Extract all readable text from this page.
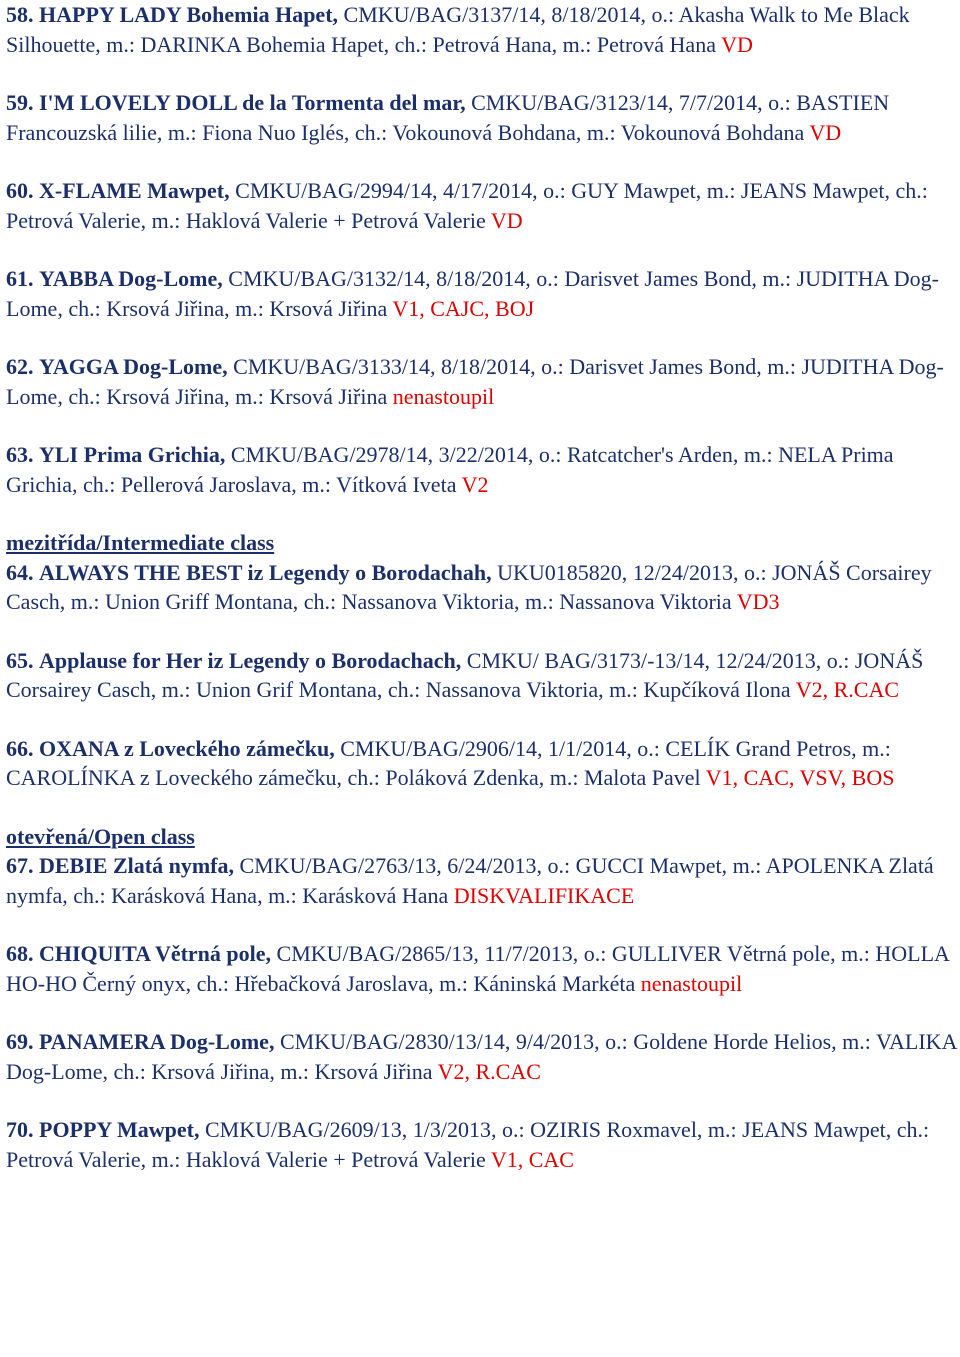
58. HAPPY LADY Bohemia Hapet, CMKU/BAG/3137/14, 8/18/2014, o.: Akasha Walk to Me Black Silhouette, m.: DARINKA Bohemia Hapet, ch.: Petrová Hana, m.: Petrová Hana VD
59. I'M LOVELY DOLL de la Tormenta del mar, CMKU/BAG/3123/14, 7/7/2014, o.: BASTIEN Francouzská lilie, m.: Fiona Nuo Iglés, ch.: Vokounová Bohdana, m.: Vokounová Bohdana VD
60. X-FLAME Mawpet, CMKU/BAG/2994/14, 4/17/2014, o.: GUY Mawpet, m.: JEANS Mawpet, ch.: Petrová Valerie, m.: Haklová Valerie + Petrová Valerie VD
61. YABBA Dog-Lome, CMKU/BAG/3132/14, 8/18/2014, o.: Darisvet James Bond, m.: JUDITHA Dog-Lome, ch.: Krsová Jiřina, m.: Krsová Jiřina V1, CAJC, BOJ
62. YAGGA Dog-Lome, CMKU/BAG/3133/14, 8/18/2014, o.: Darisvet James Bond, m.: JUDITHA Dog-Lome, ch.: Krsová Jiřina, m.: Krsová Jiřina nenastoupil
63. YLI Prima Grichia, CMKU/BAG/2978/14, 3/22/2014, o.: Ratcatcher's Arden, m.: NELA Prima Grichia, ch.: Pellerová Jaroslava, m.: Vítková Iveta V2
mezitřída/Intermediate class
64. ALWAYS THE BEST iz Legendy o Borodachah, UKU0185820, 12/24/2013, o.: JONÁŠ Corsairey Casch, m.: Union Griff Montana, ch.: Nassanova Viktoria, m.: Nassanova Viktoria VD3
65. Applause for Her iz Legendy o Borodachach, CMKU/ BAG/3173/-13/14, 12/24/2013, o.: JONÁŠ Corsairey Casch, m.: Union Grif Montana, ch.: Nassanova Viktoria, m.: Kupčíková Ilona V2, R.CAC
66. OXANA z Loveckého zámečku, CMKU/BAG/2906/14, 1/1/2014, o.: CELÍK Grand Petros, m.: CAROLÍNKA z Loveckého zámečku, ch.: Poláková Zdenka, m.: Malota Pavel V1, CAC, VSV, BOS
otevřená/Open class
67. DEBIE Zlatá nymfa, CMKU/BAG/2763/13, 6/24/2013, o.: GUCCI Mawpet, m.: APOLENKA Zlatá nymfa, ch.: Karásková Hana, m.: Karásková Hana DISKVALIFIKACE
68. CHIQUITA Větrná pole, CMKU/BAG/2865/13, 11/7/2013, o.: GULLIVER Větrná pole, m.: HOLLA HO-HO Černý onyx, ch.: Hřebačková Jaroslava, m.: Káninská Markéta nenastoupil
69. PANAMERA Dog-Lome, CMKU/BAG/2830/13/14, 9/4/2013, o.: Goldene Horde Helios, m.: VALIKA Dog-Lome, ch.: Krsová Jiřina, m.: Krsová Jiřina V2, R.CAC
70. POPPY Mawpet, CMKU/BAG/2609/13, 1/3/2013, o.: OZIRIS Roxmavel, m.: JEANS Mawpet, ch.: Petrová Valerie, m.: Haklová Valerie + Petrová Valerie V1, CAC
